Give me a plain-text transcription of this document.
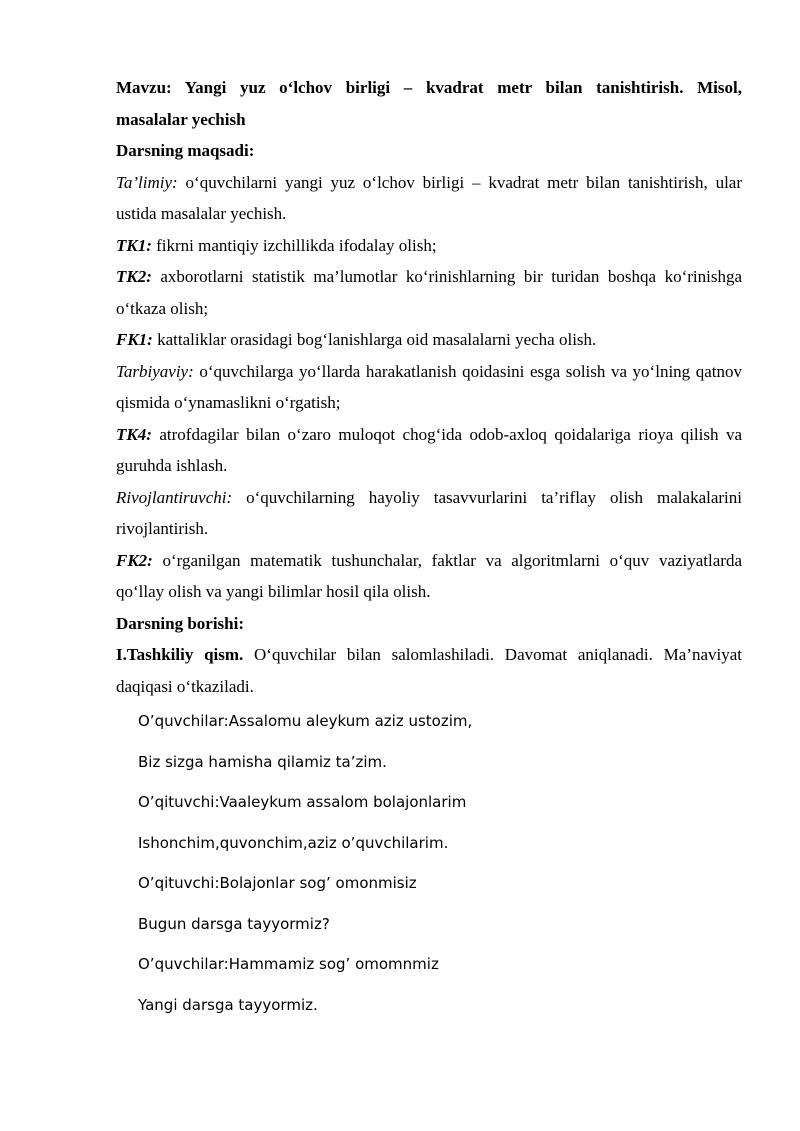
Mavzu: Yangi yuz o‘lchov birligi – kvadrat metr bilan tanishtirish. Misol,

masalalar yechish

Darsning maqsadi:

Ta’limiy: o‘quvchilarni yangi yuz o‘lchov birligi – kvadrat metr bilan tanishtirish, ular ustida masalalar yechish.

TK1: fikrni mantiqiy izchillikda ifodalay olish;

TK2: axborotlarni statistik ma’lumotlar ko‘rinishlarning bir turidan boshqa ko‘rinishga o‘tkaza olish;

FK1: kattaliklar orasidagi bog‘lanishlarga oid masalalarni yecha olish.

Tarbiyaviy: o‘quvchilarga yo‘llarda harakatlanish qoidasini esga solish va yo‘lning qatnov qismida o‘ynamaslikni o‘rgatish;

TK4: atrofdagilar bilan o‘zaro muloqot chog‘ida odob-axloq qoidalariga rioya qilish va guruhda ishlash.

Rivojlantiruvchi: o‘quvchilarning hayoliy tasavvurlarini ta’riflay olish malakalarini rivojlantirish.

FK2: o‘rganilgan matematik tushunchalar, faktlar va algoritmlarni o‘quv vaziyatlarda qo‘llay olish va yangi bilimlar hosil qila olish.

Darsning borishi:

I.Tashkiliy qism. O‘quvchilar bilan salomlashiladi. Davomat aniqlanadi. Ma’naviyat daqiqasi o‘tkaziladi.

O’quvchilar:Assalomu aleykum aziz ustozim,
Biz sizga hamisha qilamiz ta’zim.
O’qituvchi:Vaaleykum assalom bolajonlarim
Ishonchim,quvonchim,aziz o’quvchilarim.
O’qituvchi:Bolajonlar sog’ omonmisiz
Bugun darsga tayyormiz?
O’quvchilar:Hammamiz sog’ omomnmiz
Yangi darsga tayyormiz.
